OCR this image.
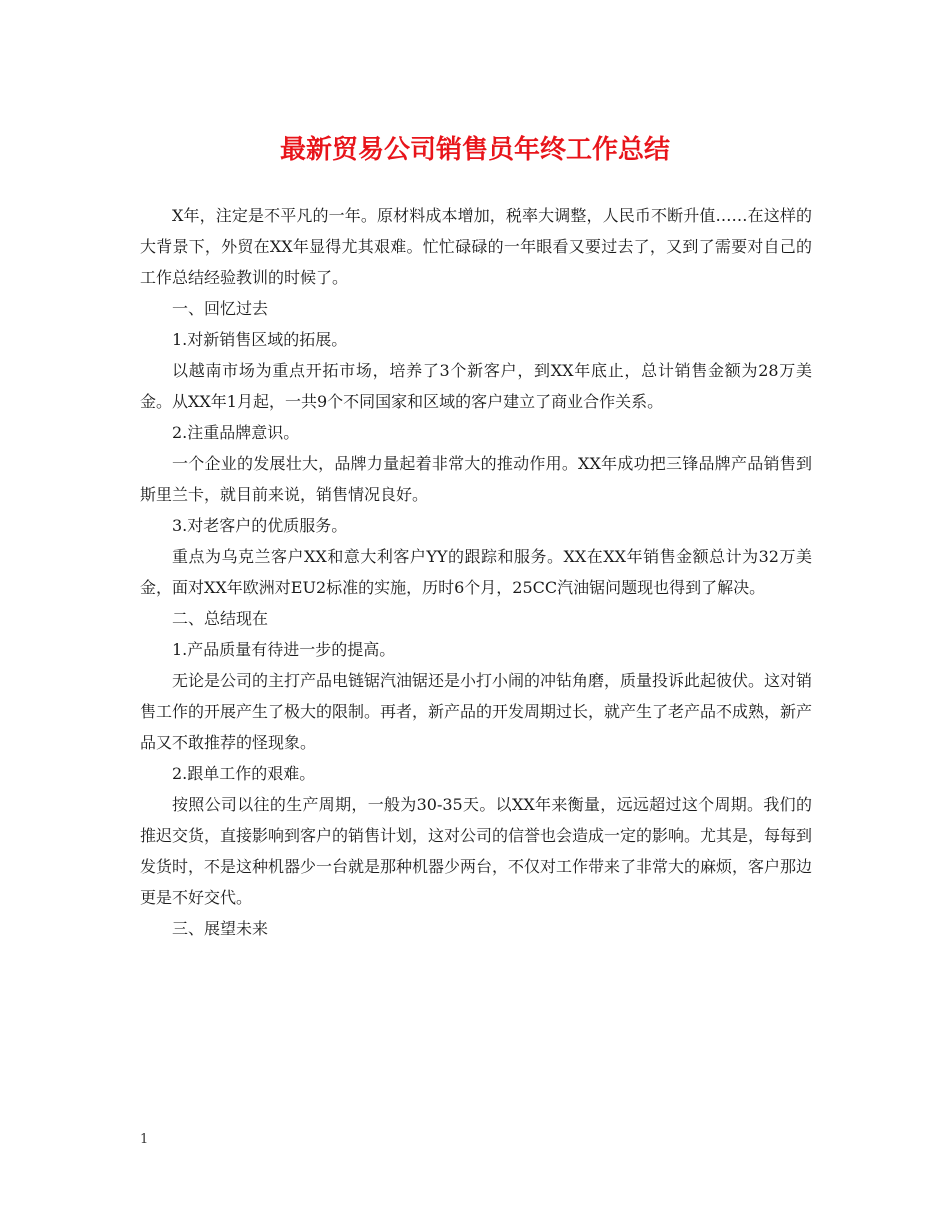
最新贸易公司销售员年终工作总结

X年，注定是不平凡的一年。原材料成本增加，税率大调整，人民币不断升值……在这样的大背景下，外贸在XX年显得尤其艰难。忙忙碌碌的一年眼看又要过去了，又到了需要对自己的工作总结经验教训的时候了。

一、回忆过去

1.对新销售区域的拓展。

以越南市场为重点开拓市场，培养了3个新客户，到XX年底止，总计销售金额为28万美金。从XX年1月起，一共9个不同国家和区域的客户建立了商业合作关系。

2.注重品牌意识。

一个企业的发展壮大，品牌力量起着非常大的推动作用。XX年成功把三锋品牌产品销售到斯里兰卡，就目前来说，销售情况良好。

3.对老客户的优质服务。

重点为乌克兰客户XX和意大利客户YY的跟踪和服务。XX在XX年销售金额总计为32万美金，面对XX年欧洲对EU2标准的实施，历时6个月，25CC汽油锯问题现也得到了解决。

二、总结现在

1.产品质量有待进一步的提高。

无论是公司的主打产品电链锯汽油锯还是小打小闹的冲钻角磨，质量投诉此起彼伏。这对销售工作的开展产生了极大的限制。再者，新产品的开发周期过长，就产生了老产品不成熟，新产品又不敢推荐的怪现象。

2.跟单工作的艰难。

按照公司以往的生产周期，一般为30-35天。以XX年来衡量，远远超过这个周期。我们的推迟交货，直接影响到客户的销售计划，这对公司的信誉也会造成一定的影响。尤其是，每每到发货时，不是这种机器少一台就是那种机器少两台，不仅对工作带来了非常大的麻烦，客户那边更是不好交代。

三、展望未来

1
